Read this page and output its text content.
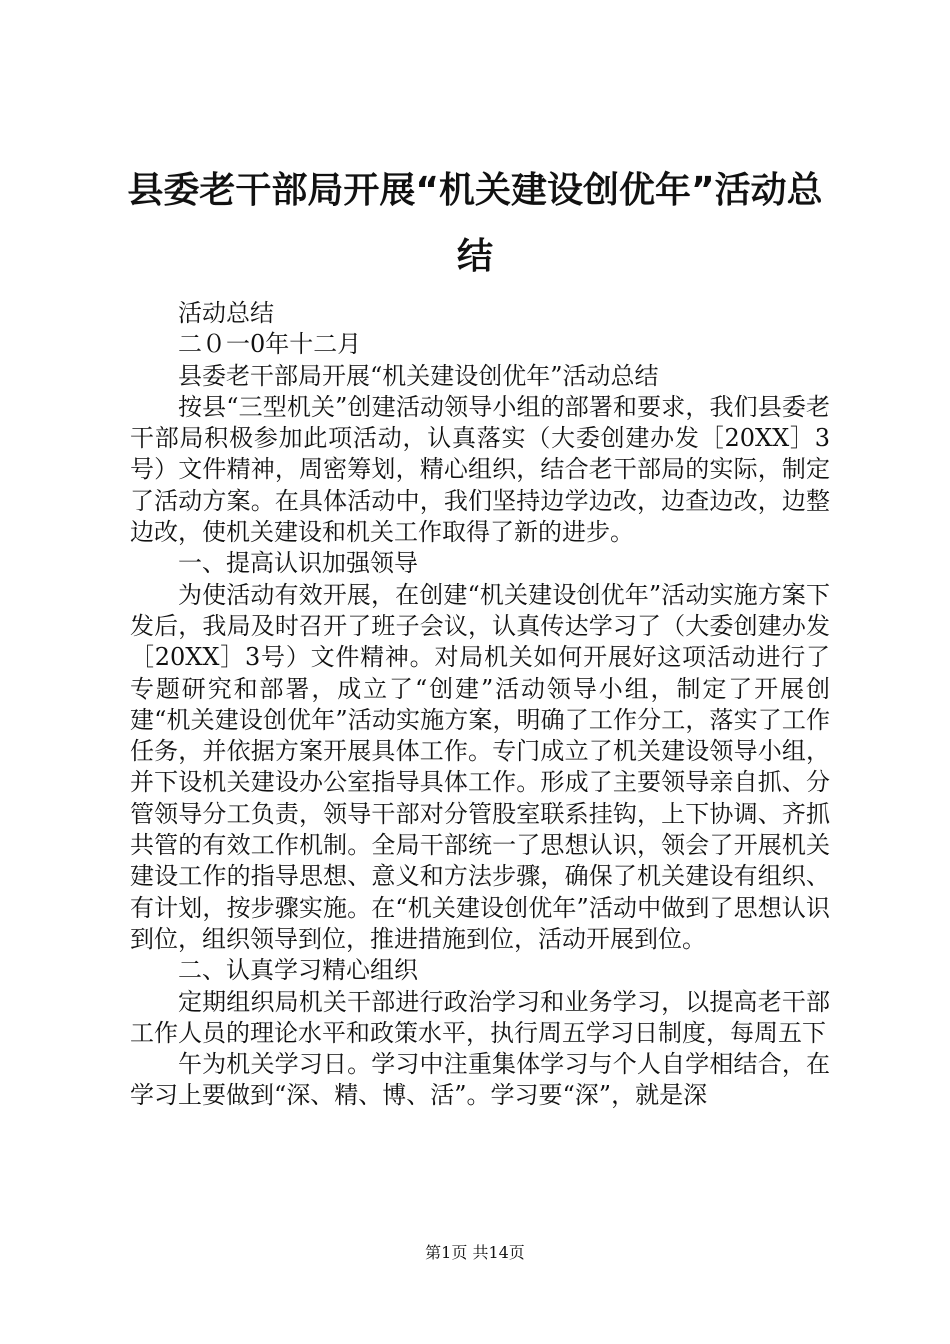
县委老干部局开展“机关建设创优年”活动总结

活动总结

二０一0年十二月

县委老干部局开展“机关建设创优年”活动总结

按县“三型机关”创建活动领导小组的部署和要求，我们县委老干部局积极参加此项活动，认真落实（大委创建办发［20XX］3号）文件精神，周密筹划，精心组织，结合老干部局的实际，制定了活动方案。在具体活动中，我们坚持边学边改，边查边改，边整边改，使机关建设和机关工作取得了新的进步。

一、提高认识加强领导

为使活动有效开展，在创建“机关建设创优年”活动实施方案下发后，我局及时召开了班子会议，认真传达学习了（大委创建办发［20XX］3号）文件精神。对局机关如何开展好这项活动进行了专题研究和部署，成立了“创建”活动领导小组，制定了开展创建“机关建设创优年”活动实施方案，明确了工作分工，落实了工作任务，并依据方案开展具体工作。专门成立了机关建设领导小组，并下设机关建设办公室指导具体工作。形成了主要领导亲自抓、分管领导分工负责，领导干部对分管股室联系挂钩，上下协调、齐抓共管的有效工作机制。全局干部统一了思想认识，领会了开展机关建设工作的指导思想、意义和方法步骤，确保了机关建设有组织、有计划，按步骤实施。在“机关建设创优年”活动中做到了思想认识到位，组织领导到位，推进措施到位，活动开展到位。

二、认真学习精心组织

定期组织局机关干部进行政治学习和业务学习，以提高老干部工作人员的理论水平和政策水平，执行周五学习日制度，每周五下

午为机关学习日。学习中注重集体学习与个人自学相结合，在学习上要做到“深、精、博、活”。学习要“深”，就是深

第1页 共14页
